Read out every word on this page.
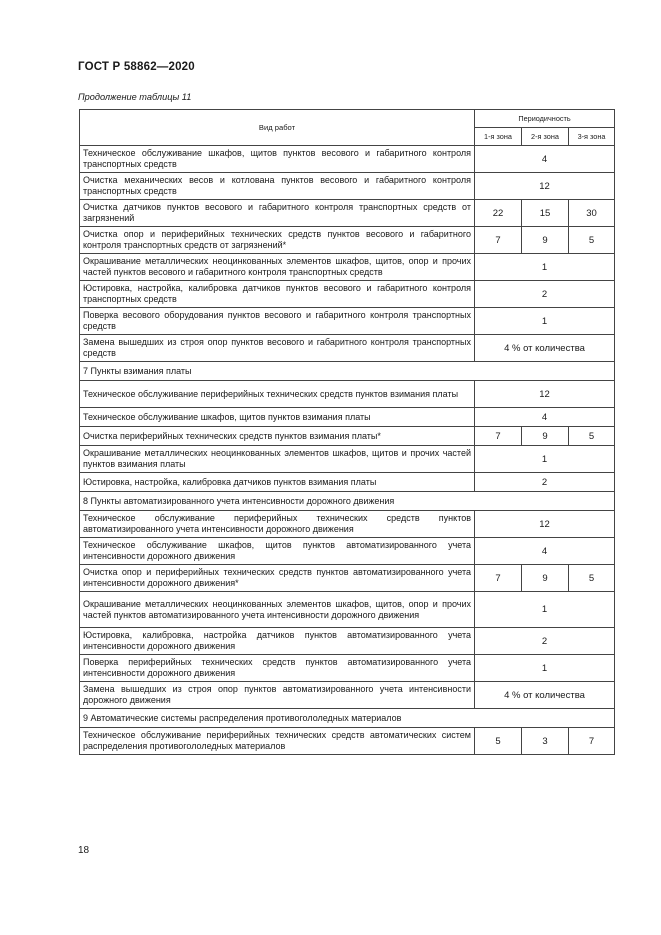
ГОСТ Р 58862—2020
Продолжение таблицы 11
Вид работ	Периодичность		
	1-я зона	2-я зона	3-я зона
Техническое обслуживание шкафов, щитов пунктов весового и габаритного контроля транспортных средств	4		
Очистка механических весов и котлована пунктов весового и габаритного контроля транспортных средств	12		
Очистка датчиков пунктов весового и габаритного контроля транспортных средств от загрязнений	22	15	30
Очистка опор и периферийных технических средств пунктов весового и габаритного контроля транспортных средств от загрязнений*	7	9	5
Окрашивание металлических неоцинкованных элементов шкафов, щитов, опор и прочих частей пунктов весового и габаритного контроля транспортных средств	1		
Юстировка, настройка, калибровка датчиков пунктов весового и габаритного контроля транспортных средств	2		
Поверка весового оборудования пунктов весового и габаритного контроля транспортных средств	1		
Замена вышедших из строя опор пунктов весового и габаритного контроля транспортных средств	4 % от количества		
7 Пункты взимания платы			
Техническое обслуживание периферийных технических средств пунктов взимания платы	12		
Техническое обслуживание шкафов, щитов пунктов взимания платы	4		
Очистка периферийных технических средств пунктов взимания платы*	7	9	5
Окрашивание металлических неоцинкованных элементов шкафов, щитов и прочих частей пунктов взимания платы	1		
Юстировка, настройка, калибровка датчиков пунктов взимания платы	2		
8 Пункты автоматизированного учета интенсивности дорожного движения			
Техническое обслуживание периферийных технических средств пунктов автоматизированного учета интенсивности дорожного движения	12		
Техническое обслуживание шкафов, щитов пунктов автоматизированного учета интенсивности дорожного движения	4		
Очистка опор и периферийных технических средств пунктов автоматизированного учета интенсивности дорожного движения*	7	9	5
Окрашивание металлических неоцинкованных элементов шкафов, щитов, опор и прочих частей пунктов автоматизированного учета интенсивности дорожного движения	1		
Юстировка, калибровка, настройка датчиков пунктов автоматизированного учета интенсивности дорожного движения	2		
Поверка периферийных технических средств пунктов автоматизированного учета интенсивности дорожного движения	1		
Замена вышедших из строя опор пунктов автоматизированного учета интенсивности дорожного движения	4 % от количества		
9 Автоматические системы распределения противогололедных материалов			
Техническое обслуживание периферийных технических средств автоматических систем распределения противогололедных материалов	5	3	7
18
